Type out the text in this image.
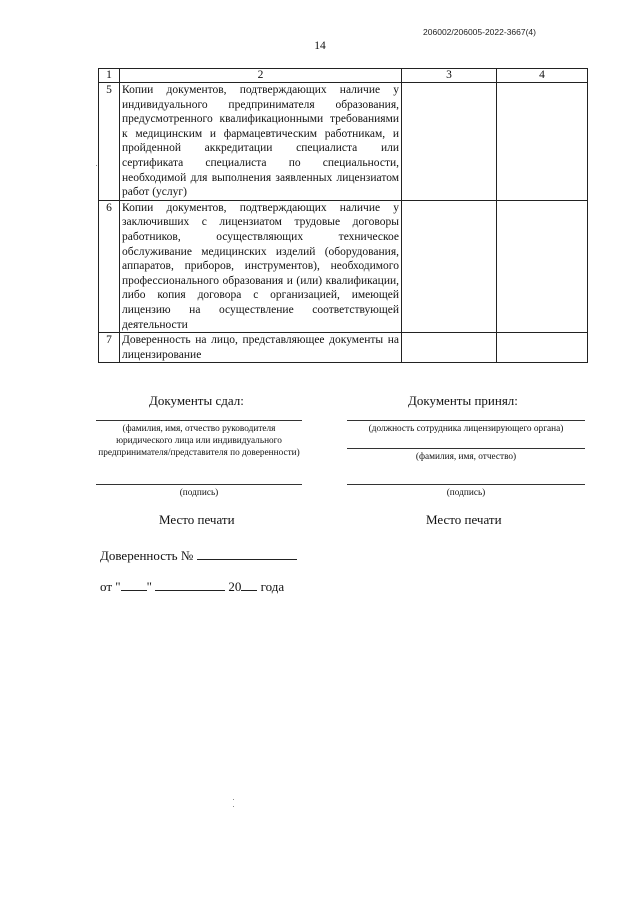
206002/206005-2022-3667(4)
14
1	2	3	4
5	Копии документов, подтверждающих наличие у индивидуального предпринимателя образования, предусмотренного квалификационными требованиями к медицинским и фармацевтическим работникам, и пройденной аккредитации специалиста или сертификата специалиста по специальности, необходимой для выполнения заявленных лицензиатом работ (услуг)		
6	Копии документов, подтверждающих наличие у заключивших с лицензиатом трудовые договоры работников, осуществляющих техническое обслуживание медицинских изделий (оборудования, аппаратов, приборов, инструментов), необходимого профессионального образования и (или) квалификации, либо копия договора с организацией, имеющей лицензию на осуществление соответствующей деятельности		
7	Доверенность на лицо, представляющее документы на лицензирование		
Документы сдал:
(фамилия, имя, отчество руководителя юридического лица или индивидуального предпринимателя/представителя по доверенности)
(подпись)
Место печати
Документы принял:
(должность сотрудника лицензирующего органа)
(фамилия, имя, отчество)
(подпись)
Место печати
Доверенность №
от " "	20 года
